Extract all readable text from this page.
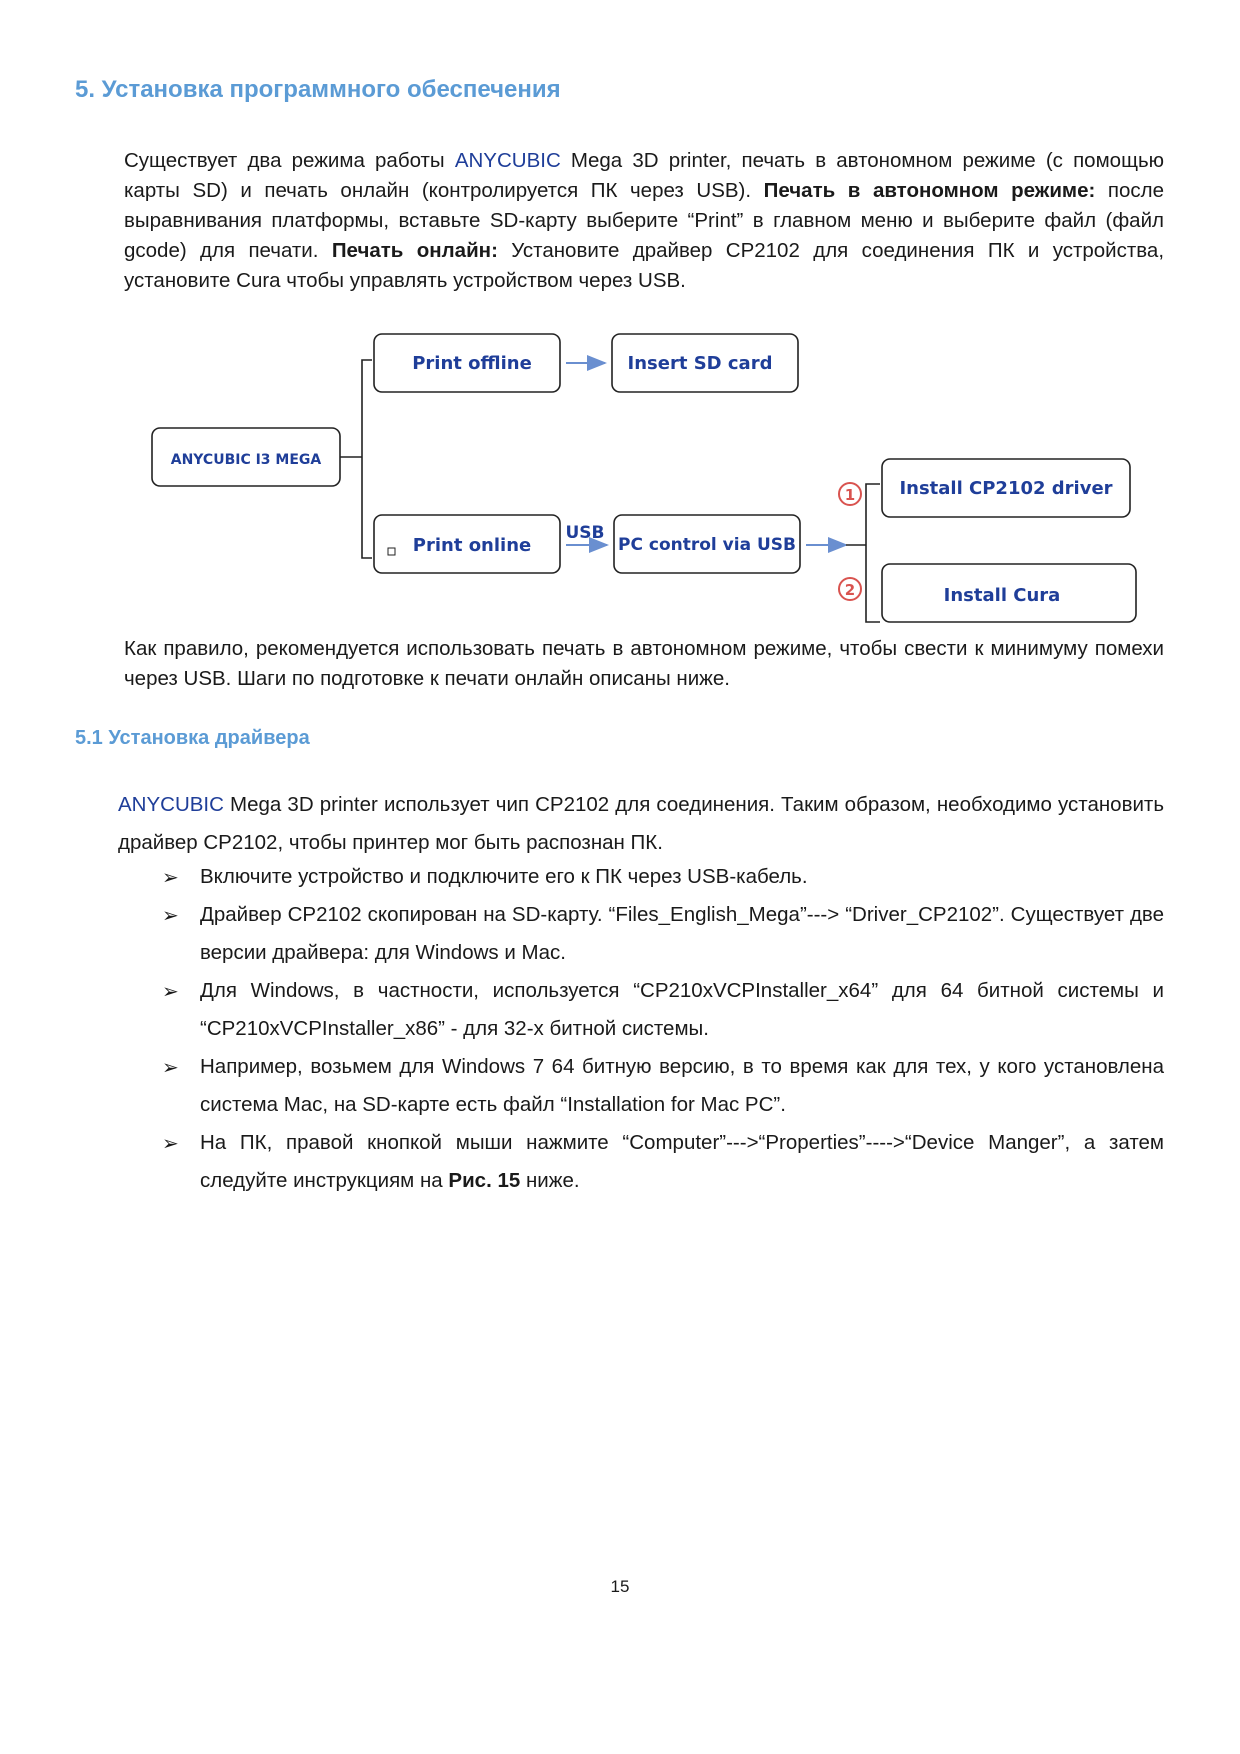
5. Установка программного обеспечения

Существует два режима работы ANYCUBIC Mega 3D printer, печать в автономном режиме (с помощью карты SD) и печать онлайн (контролируется ПК через USB). Печать в автономном режиме: после выравнивания платформы, вставьте SD-карту выберите “Print” в главном меню и выберите файл (файл gcode) для печати. Печать онлайн: Установите драйвер CP2102 для соединения ПК и устройства, установите Cura чтобы управлять устройством через USB.

ANYCUBIC I3 MEGA
Print offline	Insert SD card
Print online
USB
PC control via USB
1
2
Install CP2102 driver
Install Cura

Как правило, рекомендуется использовать печать в автономном режиме, чтобы свести к минимуму помехи через USB. Шаги по подготовке к печати онлайн описаны ниже.

5.1 Установка драйвера

ANYCUBIC Mega 3D printer использует чип CP2102 для соединения. Таким образом, необходимо установить драйвер CP2102, чтобы принтер мог быть распознан ПК.

➢ Включите устройство и подключите его к ПК через USB-кабель.
➢ Драйвер CP2102 скопирован на SD-карту. “Files_English_Mega”---> “Driver_CP2102”. Существует две версии драйвера: для Windows и Mac.
➢ Для Windows, в частности, используется “CP210xVCPInstaller_x64” для 64 битной системы и “CP210xVCPInstaller_x86” - для 32-х битной системы.
➢ Например, возьмем для Windows 7 64 битную версию, в то время как для тех, у кого установлена система Mac, на SD-карте есть файл “Installation for Mac PC”.
➢ На ПК, правой кнопкой мыши нажмите “Computer”--->“Properties”---->“Device Manger”, а затем следуйте инструкциям на Рис. 15 ниже.
15
